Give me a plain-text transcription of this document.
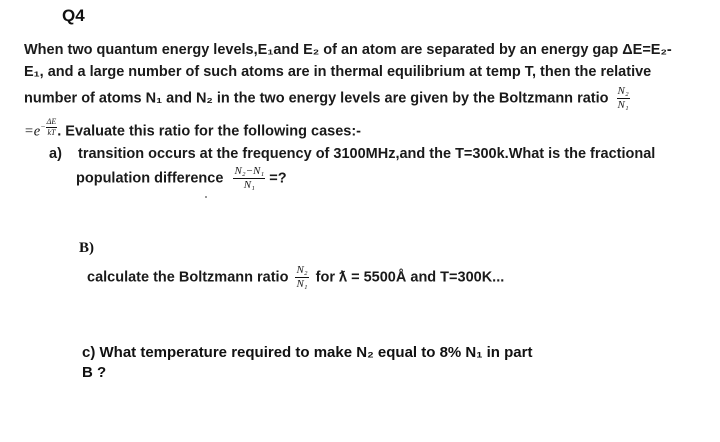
Q4
When two quantum energy levels,E₁and E₂ of an atom are separated by an energy gap ΔE=E₂-
E₁, and a large number of such atoms are in thermal equilibrium at temp T, then the relative
number of atoms N₁ and N₂ in the two energy levels are given by the Boltzmann ratio $\frac{\text{N₂}}{\text{N₁}}$
$=e- \frac{\Delta E}{kT}$ . Evaluate this ratio for the following cases:-
a) transition occurs at the frequency of 3100MHz,and the T=300k.What is the fractional
population difference $\frac{\text{N₂−N₁}}{\text{N₁}}$ =?
B)
calculate the Boltzmann ratio $\frac{\text{N₂}}{\text{N₁}}$ for ƛ = 5500Å and T=300K...
c) What temperature required to make N₂ equal to 8% N₁ in part
B ?
